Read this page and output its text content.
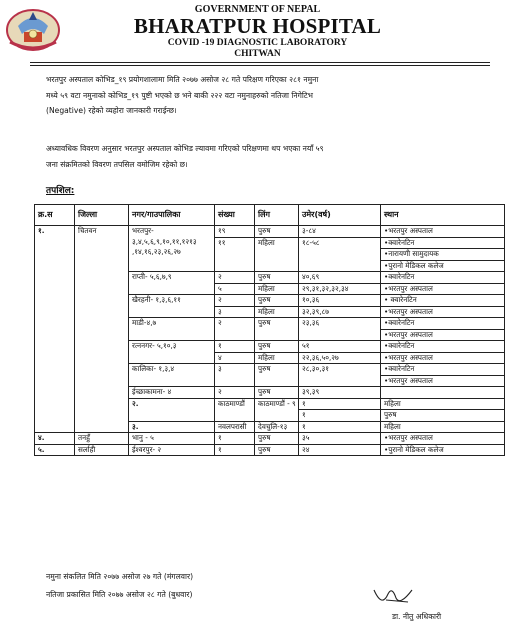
GOVERNMENT OF NEPAL
BHARATPUR HOSPITAL
COVID -19 DIAGNOSTIC LABORATORY
CHITWAN
भरतपुर अस्पताल कोभिड_१९ प्रयोगशालामा मिति २०७७ असोज २८ गते परिक्षण गरिएका २८१ नमुना
मध्ये ५९ वटा नमुनाको कोभिड_१९ पुष्टी भएको छ भने बाकी २२२ वटा नमुनाहरुको नतिजा निगेटिभ
(Negative) रहेको व्यहोरा जानकारी गराईन्छ।
अध्यावधिक विवरण अनुसार भरतपुर अस्पताल कोभिड ल्यावमा गरिएको परिक्षणमा थप भएका नयाँ ५९
जना संक्रमितको विवरण तपसिल वमोजिम रहेको छ।
तपशिल:
क्र.स	जिल्ला	नगर/गाउपालिका	संख्या	लिंग	उमेर(वर्ष)	स्थान	
१.	चितवन	भरतपुर-
३,४,५,६,९,१०,११,१२१३
,१४,१६,२३,२६,२७	१९	पुरुष	३-८४	•भरतपुर अस्पताल	
			११	महिला	१८-५८	•क्वारेनटिन	
						•नारायणी सामुदायक	
						•पुरानो मेडिकल कलेज	
		राप्ती- ५,६,७,९	२	पुरुष	४०,६९	•क्वारेनटिन	
			५	महिला	२९,३१,३२,३२,३४	•भरतपुर अस्पताल	
		खैरहनी- १,३,६,११	२	पुरुष	१०,३६	• क्वारेनटिन	
			३	महिला	३२,३९,८७	•भरतपुर अस्पताल	
		माडी-४,७	२	पुरुष	२३,३६	•क्वारेनटिन	
						•भरतपुर अस्पताल	
		रत्ननगर- ५,१०,३	१	पुरुष	५१	•क्वारेनटिन	
			४	महिला	२२,३६,५०,२७	•भरतपुर अस्पताल	
		कालिका- १,३,४	३	पुरुष	२८,३०,३१	•क्वारेनटिन	
						•भरतपुर अस्पताल	
		ईच्छाकामना- ४	२	पुरुष	३९,३९		
		२.	काठमाण्डौं	काठमाण्डौं - ९	१	महिला		
					१	पुरुष	
		३.	नवलपरासी	देवचुलि-१३	१	महिला		
४.	तनहुँ	भानु - ५	१	पुरुष	३५	•भरतपुर अस्पताल	
५.	सर्लाही	ईश्वरपुर- २	१	पुरुष	२४	•पुरानो मेडिकल कलेज	
नमुना संकलित मिति २०७७ असोज २७ गते (मंगलवार)
नतिजा प्रकासित मिति २०७७ असोज २८ गते (बुधवार)
डा. नीतु अधिकारी
